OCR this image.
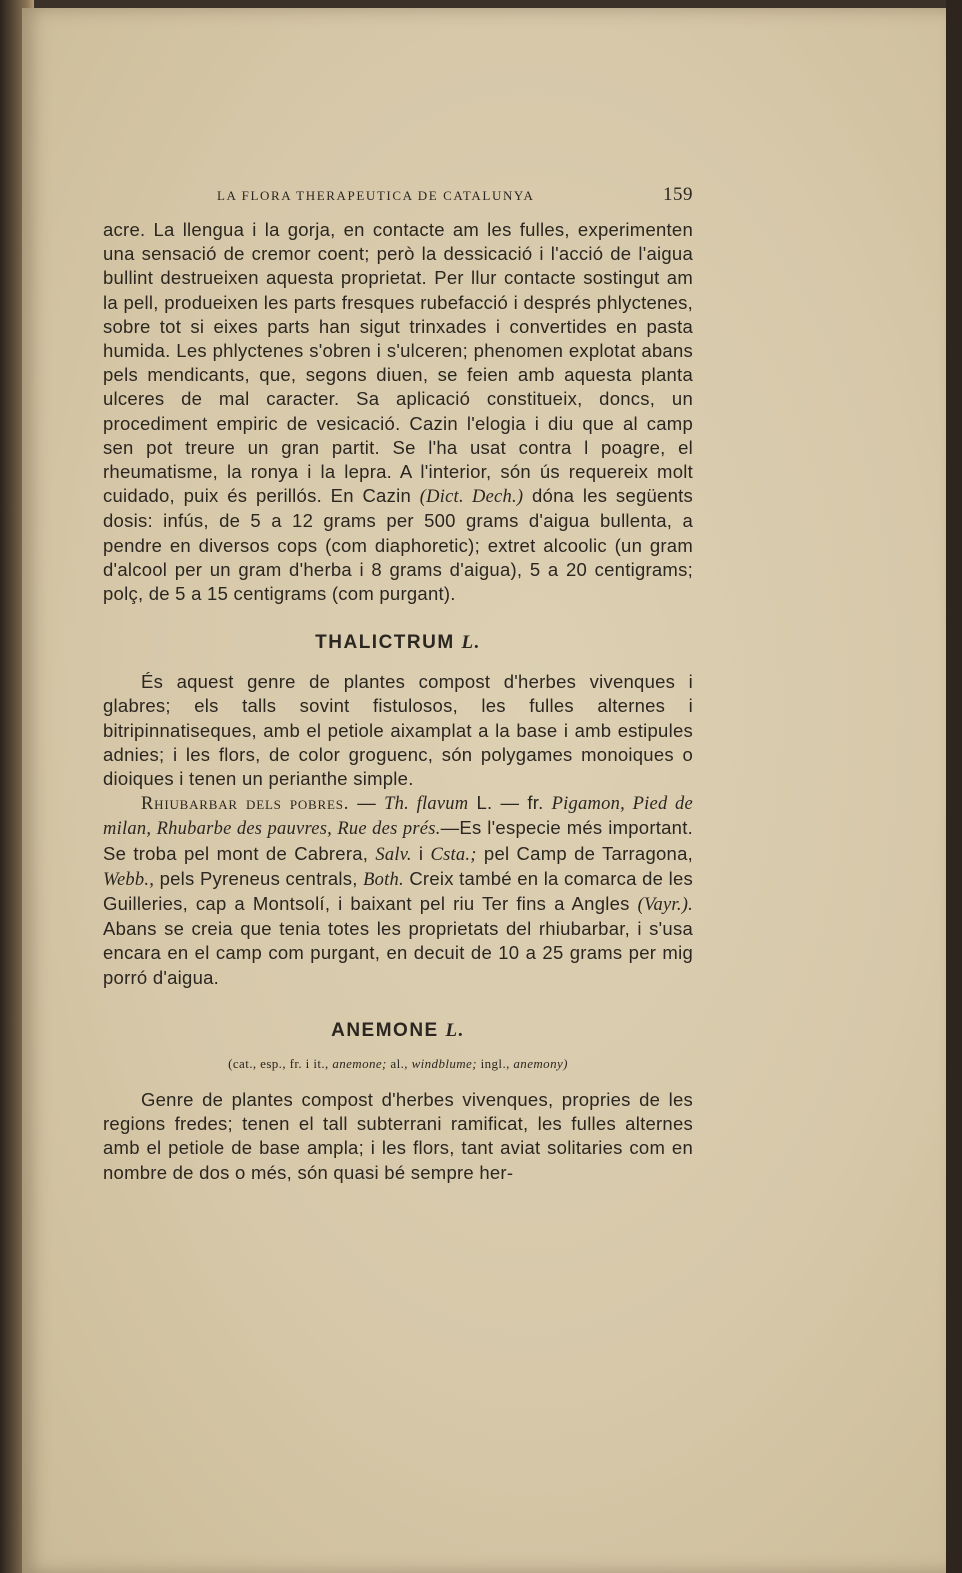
LA FLORA THERAPEUTICA DE CATALUNYA	159

acre. La llengua i la gorja, en contacte am les fulles, experimenten una sensació de cremor coent; però la dessicació i l'acció de l'aigua bullint destrueixen aquesta proprietat. Per llur contacte sostingut am la pell, produeixen les parts fresques rubefacció i després phlyctenes, sobre tot si eixes parts han sigut trinxades i convertides en pasta humida. Les phlyctenes s'obren i s'ulceren; phenomen explotat abans pels mendicants, que, segons diuen, se feien amb aquesta planta ulceres de mal caracter. Sa aplicació constitueix, doncs, un procediment empiric de vesicació. Cazin l'elogia i diu que al camp sen pot treure un gran partit. Se l'ha usat contra l poagre, el rheumatisme, la ronya i la lepra. A l'interior, són ús requereix molt cuidado, puix és perillós. En Cazin (Dict. Dech.) dóna les següents dosis: infús, de 5 a 12 grams per 500 grams d'aigua bullenta, a pendre en diversos cops (com diaphoretic); extret alcoolic (un gram d'alcool per un gram d'herba i 8 grams d'aigua), 5 a 20 centigrams; polç, de 5 a 15 centigrams (com purgant).

THALICTRUM L.

És aquest genre de plantes compost d'herbes vivenques i glabres; els talls sovint fistulosos, les fulles alternes i bitripinnatiseques, amb el petiole aixamplat a la base i amb estipules adnies; i les flors, de color groguenc, són polygames monoiques o dioiques i tenen un perianthe simple.

Rhiubarbar dels pobres. — Th. flavum L. — fr. Pigamon, Pied de milan, Rhubarbe des pauvres, Rue des prés.—Es l'especie més important. Se troba pel mont de Cabrera, Salv. i Csta.; pel Camp de Tarragona, Webb., pels Pyreneus centrals, Both. Creix també en la comarca de les Guilleries, cap a Montsolí, i baixant pel riu Ter fins a Angles (Vayr.). Abans se creia que tenia totes les proprietats del rhiubarbar, i s'usa encara en el camp com purgant, en decuit de 10 a 25 grams per mig porró d'aigua.

ANEMONE L.
(cat., esp., fr. i it., anemone; al., windblume; ingl., anemony)

Genre de plantes compost d'herbes vivenques, propries de les regions fredes; tenen el tall subterrani ramificat, les fulles alternes amb el petiole de base ampla; i les flors, tant aviat solitaries com en nombre de dos o més, són quasi bé sempre her-
